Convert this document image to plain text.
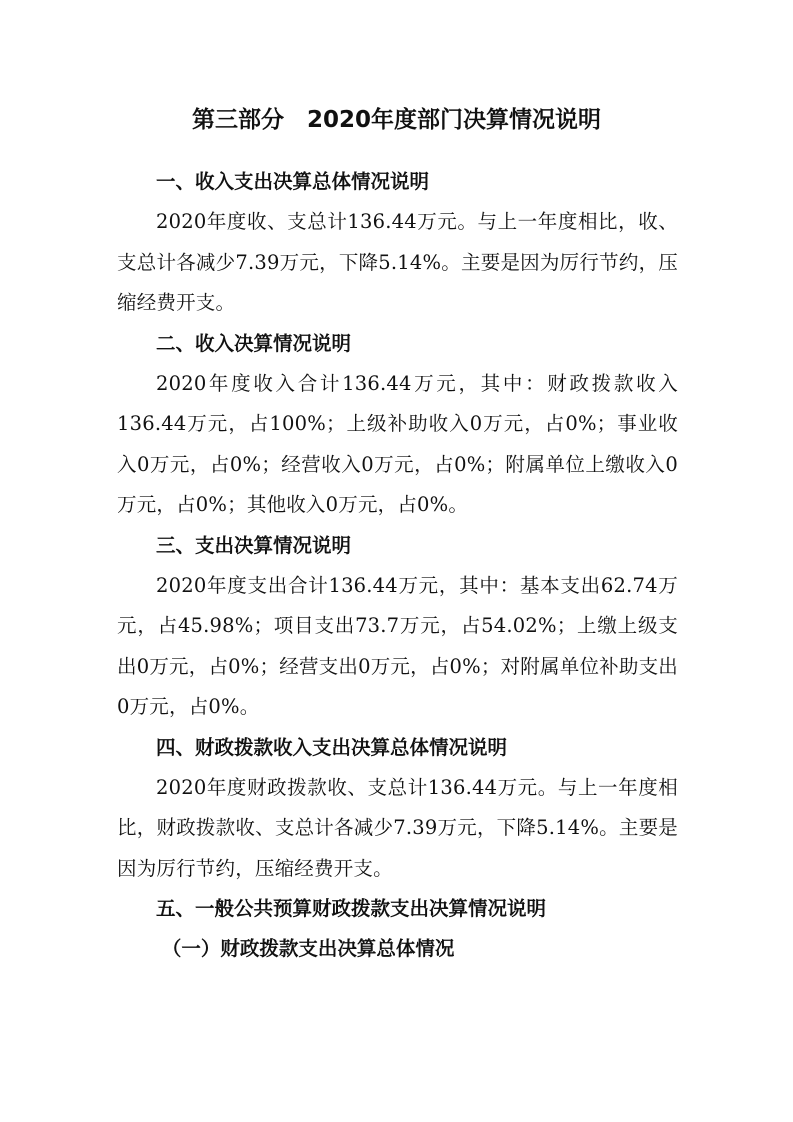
第三部分　2020年度部门决算情况说明

一、收入支出决算总体情况说明

2020年度收、支总计136.44万元。与上一年度相比，收、支总计各减少7.39万元，下降5.14%。主要是因为厉行节约，压缩经费开支。

二、收入决算情况说明

2020年度收入合计136.44万元，其中：财政拨款收入136.44万元，占100%；上级补助收入0万元，占0%；事业收入0万元，占0%；经营收入0万元，占0%；附属单位上缴收入0万元，占0%；其他收入0万元，占0%。

三、支出决算情况说明

2020年度支出合计136.44万元，其中：基本支出62.74万元，占45.98%；项目支出73.7万元，占54.02%；上缴上级支出0万元，占0%；经营支出0万元，占0%；对附属单位补助支出0万元，占0%。

四、财政拨款收入支出决算总体情况说明

2020年度财政拨款收、支总计136.44万元。与上一年度相比，财政拨款收、支总计各减少7.39万元，下降5.14%。主要是因为厉行节约，压缩经费开支。

五、一般公共预算财政拨款支出决算情况说明

（一）财政拨款支出决算总体情况
